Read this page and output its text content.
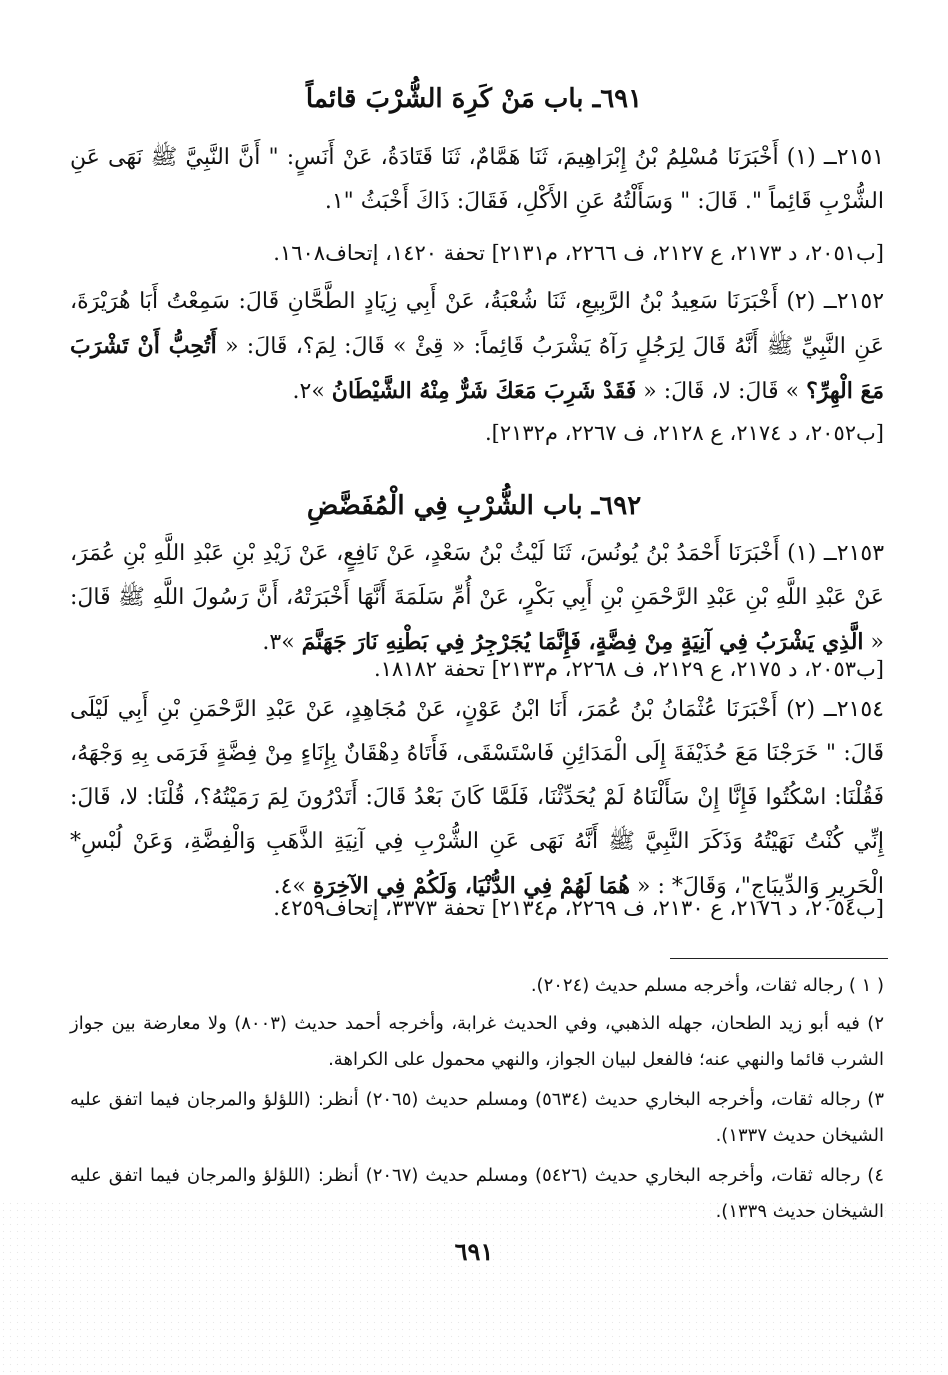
٦٩١ـ باب مَنْ كَرِهَ الشُّرْبَ قائماً
٢١٥١ــ (١) أَخْبَرَنَا مُسْلِمُ بْنُ إِبْرَاهِيمَ، ثَنَا هَمَّامٌ، ثَنَا قَتَادَةُ، عَنْ أَنَسٍ: " أَنَّ النَّبِيَّ ﷺ نَهَى عَنِ الشُّرْبِ قَائِماً ". قَالَ: " وَسَأَلْتُهُ عَنِ الأَكْلِ، فَقَالَ: ذَاكَ أَخْبَثُ "١.
[ب٢٠٥١، د ٢١٧٣، ع ٢١٢٧، ف ٢٢٦٦، م٢١٣١] تحفة ١٤٢٠، إتحاف١٦٠٨.
٢١٥٢ــ (٢) أَخْبَرَنَا سَعِيدُ بْنُ الرَّبِيعِ، ثَنَا شُعْبَةُ، عَنْ أَبِي زِيَادٍ الطَّحَّانِ قَالَ: سَمِعْتُ أَبَا هُرَيْرَةَ، عَنِ النَّبِيِّ ﷺ أَنَّهُ قَالَ لِرَجُلٍ رَآهُ يَشْرَبُ قَائِماً: « قِئْ » قَالَ: لِمَ؟، قَالَ: « أَتُحِبُّ أَنْ تَشْرَبَ مَعَ الْهِرِّ؟ » قَالَ: لا، قَالَ: « فَقَدْ شَرِبَ مَعَكَ شَرٌّ مِنْهُ الشَّيْطَانُ »٢.
[ب٢٠٥٢، د ٢١٧٤، ع ٢١٢٨، ف ٢٢٦٧، م٢١٣٢].
٦٩٢ـ باب الشُّرْبِ فِي الْمُفَضَّضِ
٢١٥٣ــ (١) أَخْبَرَنَا أَحْمَدُ بْنُ يُونُسَ، ثَنَا لَيْثُ بْنُ سَعْدٍ، عَنْ نَافِعٍ، عَنْ زَيْدِ بْنِ عَبْدِ اللَّهِ بْنِ عُمَرَ، عَنْ عَبْدِ اللَّهِ بْنِ عَبْدِ الرَّحْمَنِ بْنِ أَبِي بَكْرٍ، عَنْ أُمِّ سَلَمَةَ أَنَّهَا أَخْبَرَتْهُ، أَنَّ رَسُولَ اللَّهِ ﷺ قَالَ: « الَّذِي يَشْرَبُ فِي آنِيَةٍ مِنْ فِضَّةٍ، فَإِنَّمَا يُجَرْجِرُ فِي بَطْنِهِ نَارَ جَهَنَّمَ »٣.
[ب٢٠٥٣، د ٢١٧٥، ع ٢١٢٩، ف ٢٢٦٨، م٢١٣٣] تحفة ١٨١٨٢.
٢١٥٤ــ (٢) أَخْبَرَنَا عُثْمَانُ بْنُ عُمَرَ، أَنَا ابْنُ عَوْنٍ، عَنْ مُجَاهِدٍ، عَنْ عَبْدِ الرَّحْمَنِ بْنِ أَبِي لَيْلَى قَالَ: " خَرَجْنَا مَعَ حُذَيْفَةَ إِلَى الْمَدَائِنِ فَاسْتَسْقَى، فَأَتَاهُ دِهْقَانٌ بِإِنَاءٍ مِنْ فِضَّةٍ فَرَمَى بِهِ وَجْهَهُ، فَقُلْنَا: اسْكُتُوا فَإِنَّا إِنْ سَأَلْنَاهُ لَمْ يُحَدِّثْنَا، فَلَمَّا كَانَ بَعْدُ قَالَ: أَتَدْرُونَ لِمَ رَمَيْتُهُ؟، قُلْنَا: لا، قَالَ: إِنِّي كُنْتُ نَهَيْتُهُ وَذَكَرَ النَّبِيَّ ﷺ أَنَّهُ نَهَى عَنِ الشُّرْبِ فِي آنِيَةِ الذَّهَبِ وَالْفِضَّةِ، وَعَنْ لُبْسِ* الْحَرِيرِ وَالدِّيبَاجِ"، وَقَالَ* : « هُمَا لَهُمْ فِي الدُّنْيَا، وَلَكُمْ فِي الآخِرَةِ »٤.
[ب٢٠٥٤، د ٢١٧٦، ع ٢١٣٠، ف ٢٢٦٩، م٢١٣٤] تحفة ٣٣٧٣، إتحاف٤٢٥٩.
( ١ ) رجاله ثقات، وأخرجه مسلم حديث (٢٠٢٤).
٢) فيه أبو زيد الطحان، جهله الذهبي، وفي الحديث غرابة، وأخرجه أحمد حديث (٨٠٠٣) ولا معارضة بين جواز الشرب قائما والنهي عنه؛ فالفعل لبيان الجواز، والنهي محمول على الكراهة.
٣) رجاله ثقات، وأخرجه البخاري حديث (٥٦٣٤) ومسلم حديث (٢٠٦٥) أنظر: (اللؤلؤ والمرجان فيما اتفق عليه الشيخان حديث ١٣٣٧).
٤) رجاله ثقات، وأخرجه البخاري حديث (٥٤٢٦) ومسلم حديث (٢٠٦٧) أنظر: (اللؤلؤ والمرجان فيما اتفق عليه الشيخان حديث ١٣٣٩).
٦٩١
